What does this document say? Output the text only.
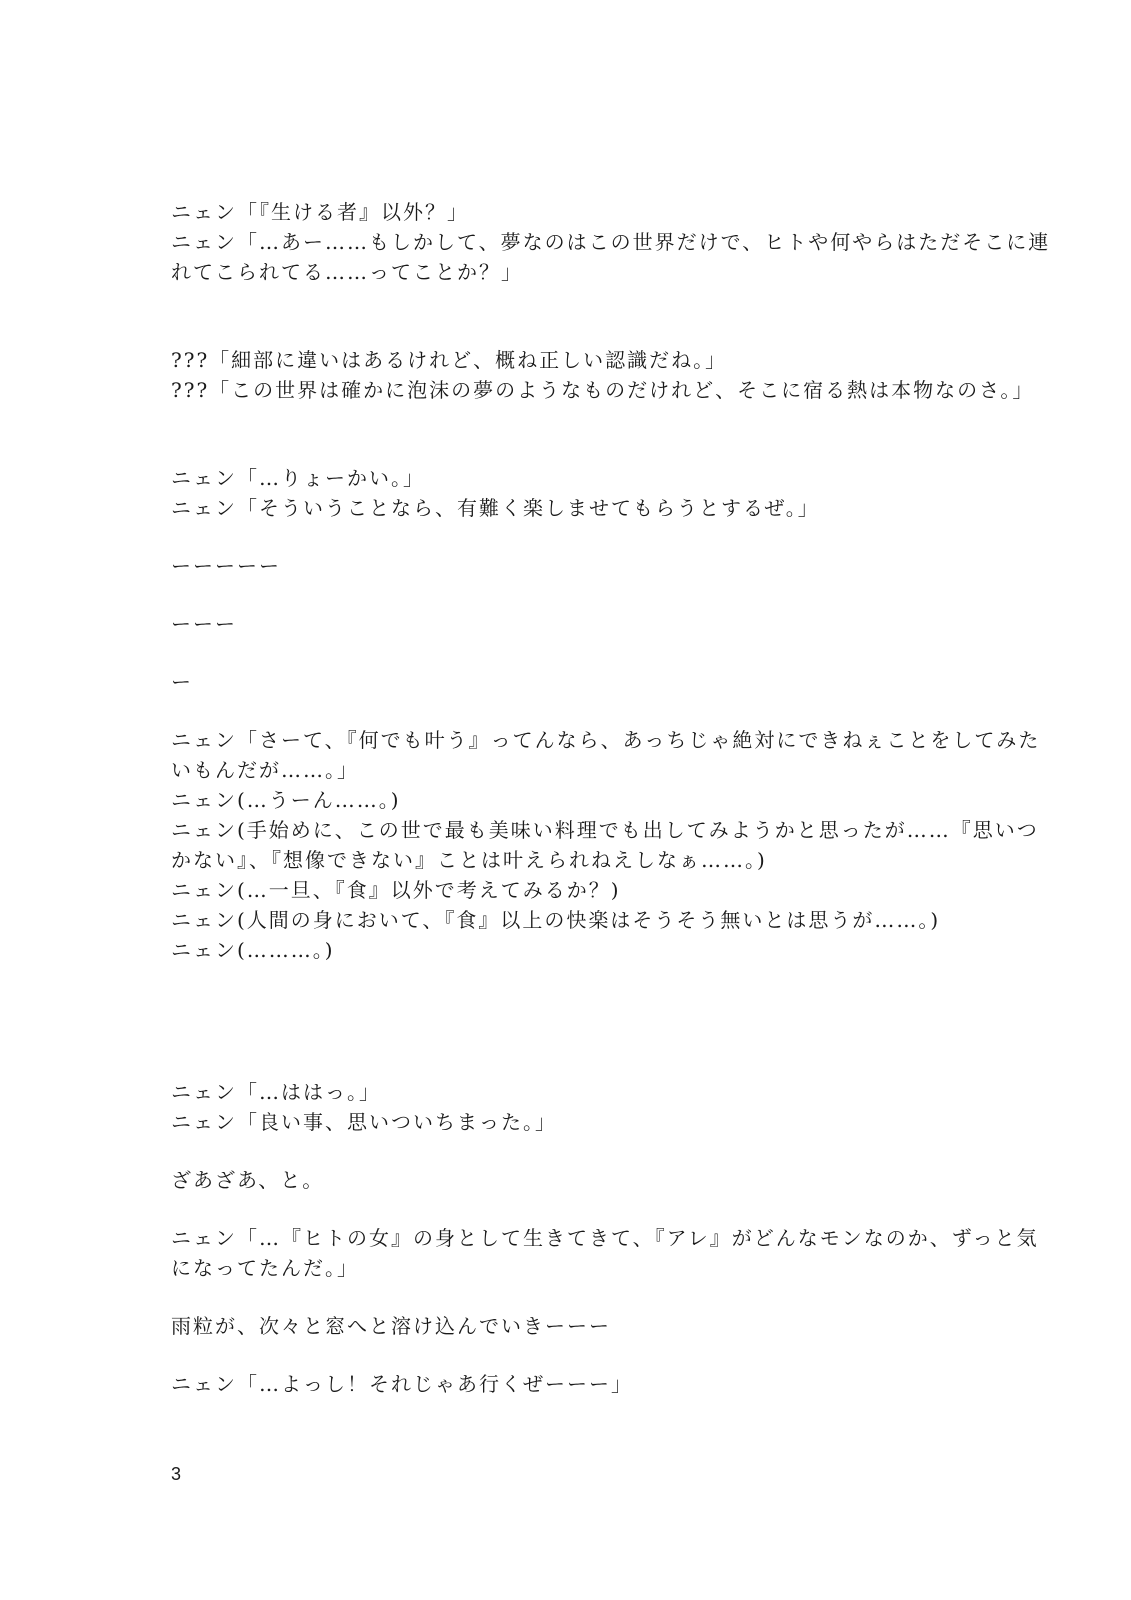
ニェン「『生ける者』以外？」
ニェン「…あー……もしかして、夢なのはこの世界だけで、ヒトや何やらはただそこに連
れてこられてる……ってことか？」
???「細部に違いはあるけれど、概ね正しい認識だね。」
???「この世界は確かに泡沫の夢のようなものだけれど、そこに宿る熱は本物なのさ。」
ニェン「…りょーかい。」
ニェン「そういうことなら、有難く楽しませてもらうとするぜ。」
ーーーーー
ーーー
ー
ニェン「さーて、『何でも叶う』ってんなら、あっちじゃ絶対にできねぇことをしてみた
いもんだが……。」
ニェン(…うーん……。)
ニェン(手始めに、この世で最も美味い料理でも出してみようかと思ったが……『思いつ
かない』、『想像できない』ことは叶えられねえしなぁ……。)
ニェン(…一旦、『食』以外で考えてみるか？)
ニェン(人間の身において、『食』以上の快楽はそうそう無いとは思うが……。)
ニェン(………。)
ニェン「…ははっ。」
ニェン「良い事、思いついちまった。」
ざあざあ、と。
ニェン「…『ヒトの女』の身として生きてきて、『アレ』がどんなモンなのか、ずっと気
になってたんだ。」
雨粒が、次々と窓へと溶け込んでいきーーー
ニェン「…よっし！それじゃあ行くぜーーー」
3
